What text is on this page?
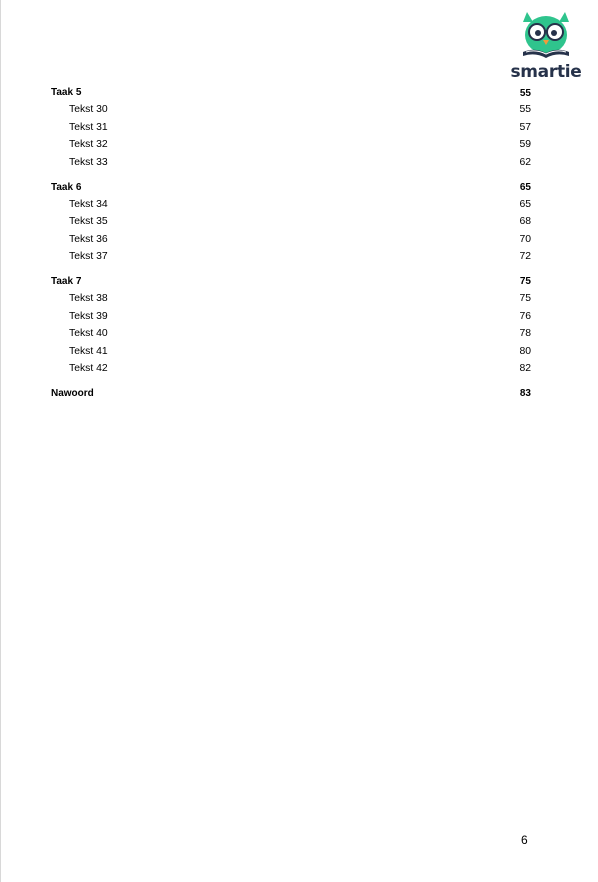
smartie
Taak 5	55
Tekst 30	55
Tekst 31	57
Tekst 32	59
Tekst 33	62
Taak 6	65
Tekst 34	65
Tekst 35	68
Tekst 36	70
Tekst 37	72
Taak 7	75
Tekst 38	75
Tekst 39	76
Tekst 40	78
Tekst 41	80
Tekst 42	82
Nawoord	83
6
